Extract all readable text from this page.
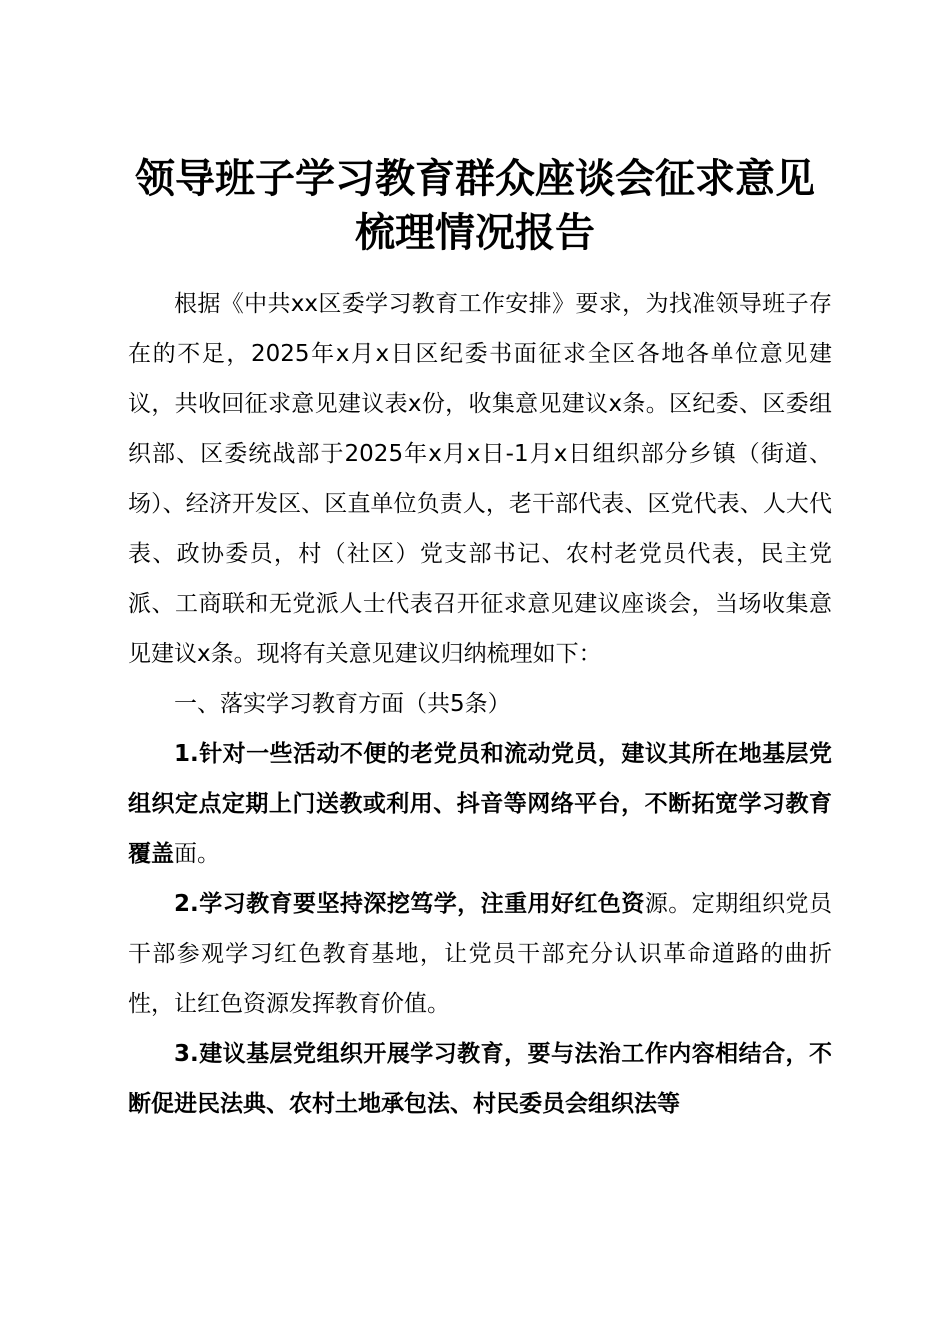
领导班子学习教育群众座谈会征求意见
梳理情况报告

根据《中共xx区委学习教育工作安排》要求，为找准领导班子存在的不足，2025年x月x日区纪委书面征求全区各地各单位意见建议，共收回征求意见建议表x份，收集意见建议x条。区纪委、区委组织部、区委统战部于2025年x月x日-1月x日组织部分乡镇（街道、场）、经济开发区、区直单位负责人，老干部代表、区党代表、人大代表、政协委员，村（社区）党支部书记、农村老党员代表，民主党派、工商联和无党派人士代表召开征求意见建议座谈会，当场收集意见建议x条。现将有关意见建议归纳梳理如下：

一、落实学习教育方面（共5条）

1.针对一些活动不便的老党员和流动党员，建议其所在地基层党组织定点定期上门送教或利用、抖音等网络平台，不断拓宽学习教育覆盖面。

2.学习教育要坚持深挖笃学，注重用好红色资源。定期组织党员干部参观学习红色教育基地，让党员干部充分认识革命道路的曲折性，让红色资源发挥教育价值。

3.建议基层党组织开展学习教育，要与法治工作内容相结合，不断促进民法典、农村土地承包法、村民委员会组织法等
